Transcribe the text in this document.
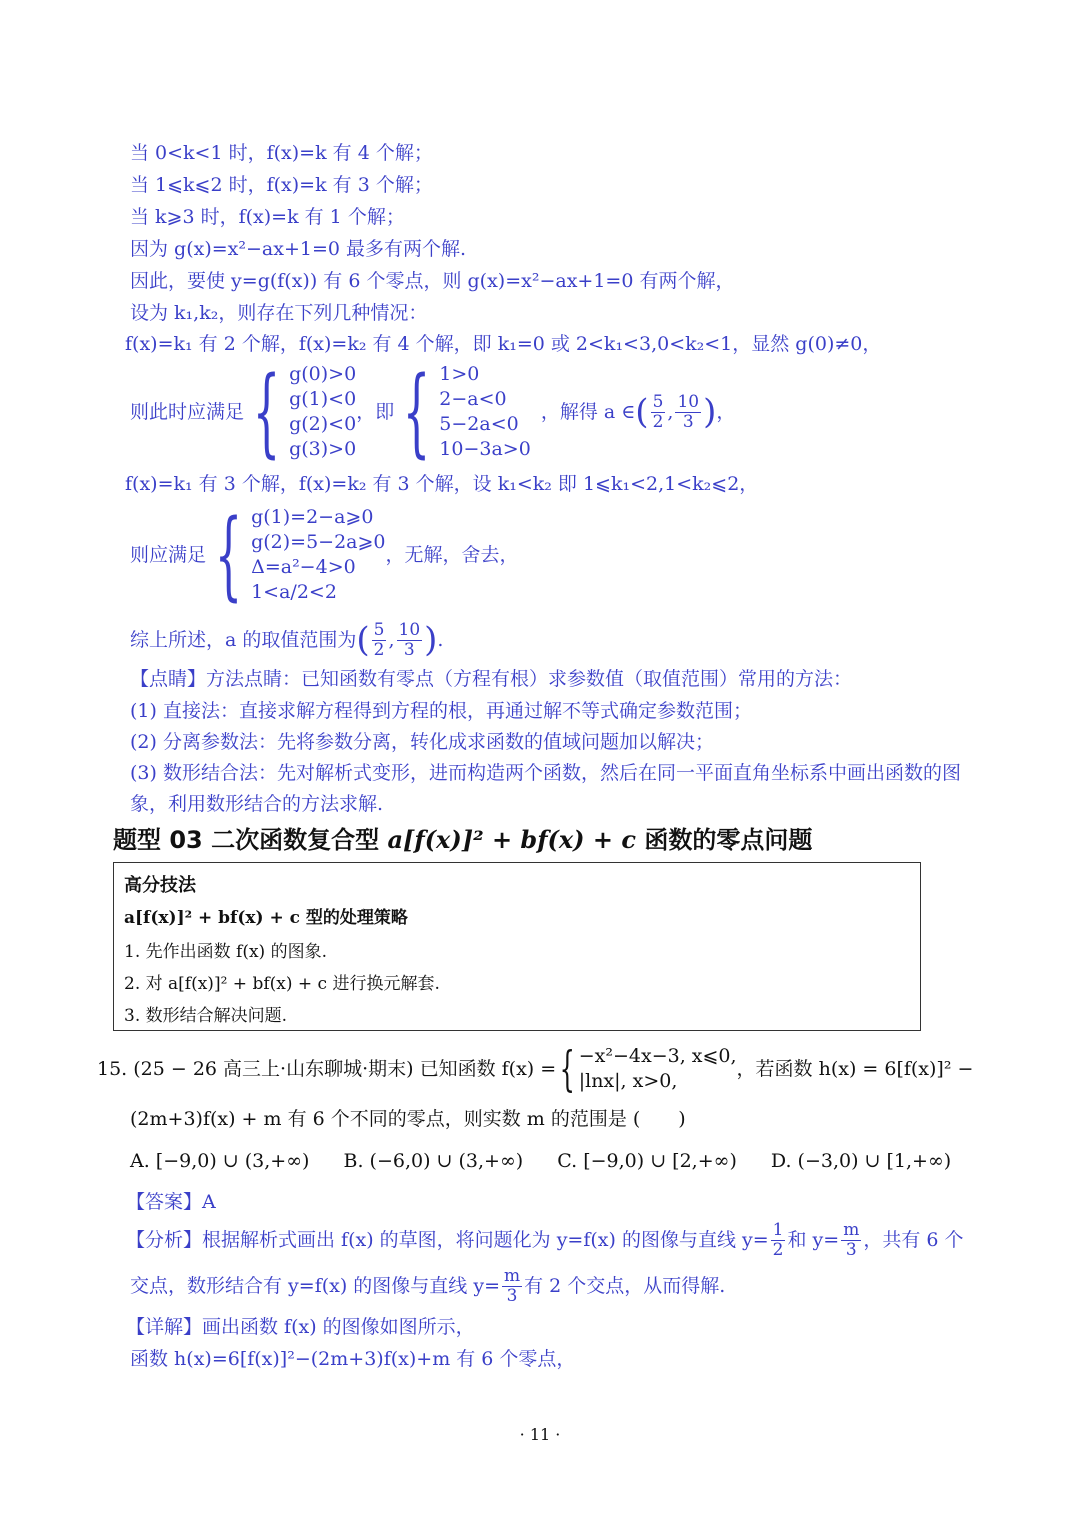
当 0<k<1 时，f(x)=k 有 4 个解；
当 1⩽k⩽2 时，f(x)=k 有 3 个解；
当 k⩾3 时，f(x)=k 有 1 个解；
因为 g(x)=x²−ax+1=0 最多有两个解.
因此，要使 y=g(f(x)) 有 6 个零点，则 g(x)=x²−ax+1=0 有两个解，
设为 k₁,k₂，则存在下列几种情况：
f(x)=k₁ 有 2 个解，f(x)=k₂ 有 4 个解，即 k₁=0 或 2<k₁<3,0<k₂<1，显然 g(0)≠0，
则此时应满足 { g(0)>0
g(1)<0
g(2)<0
g(3)>0
，即 { 1>0
2−a<0
5−2a<0
10−3a>0
，解得 a ∈ ( $\frac{5}{2}$ , $\frac{10}{3}$ ) ，
f(x)=k₁ 有 3 个解，f(x)=k₂ 有 3 个解，设 k₁<k₂ 即 1⩽k₁<2,1<k₂⩽2，
则应满足 { g(1)=2−a⩾0
g(2)=5−2a⩾0
Δ=a²−4>0
1<a/2<2
，无解，舍去，
综上所述，a 的取值范围为 ( $\frac{5}{2}$ , $\frac{10}{3}$ ) .
【点睛】方法点睛：已知函数有零点（方程有根）求参数值（取值范围）常用的方法：
(1) 直接法：直接求解方程得到方程的根，再通过解不等式确定参数范围；
(2) 分离参数法：先将参数分离，转化成求函数的值域问题加以解决；
(3) 数形结合法：先对解析式变形，进而构造两个函数，然后在同一平面直角坐标系中画出函数的图
象，利用数形结合的方法求解.
题型 03 二次函数复合型 a[f(x)]² + bf(x) + c 函数的零点问题
高分技法
a[f(x)]² + bf(x) + c 型的处理策略
1. 先作出函数 f(x) 的图象.
2. 对 a[f(x)]² + bf(x) + c 进行换元解套.
3. 数形结合解决问题.
15. (25 − 26 高三上·山东聊城·期末) 已知函数 f(x) = { −x²−4x−3, x⩽0,
|lnx|, x>0,
，若函数 h(x) = 6[f(x)]² −
(2m+3)f(x) + m 有 6 个不同的零点，则实数 m 的范围是 (　　)
A. [−9,0) ∪ (3,+∞) B. (−6,0) ∪ (3,+∞) C. [−9,0) ∪ [2,+∞) D. (−3,0) ∪ [1,+∞)
【答案】A
【分析】根据解析式画出 f(x) 的草图，将问题化为 y=f(x) 的图像与直线 $y= \frac{1}{2}$ 和 $y= \frac{m}{3}$ ，共有 6 个
交点，数形结合有 y=f(x) 的图像与直线 $y= \frac{m}{3}$ 有 2 个交点，从而得解.
【详解】画出函数 f(x) 的图像如图所示，
函数 h(x)=6[f(x)]²−(2m+3)f(x)+m 有 6 个零点，
· 11 ·
